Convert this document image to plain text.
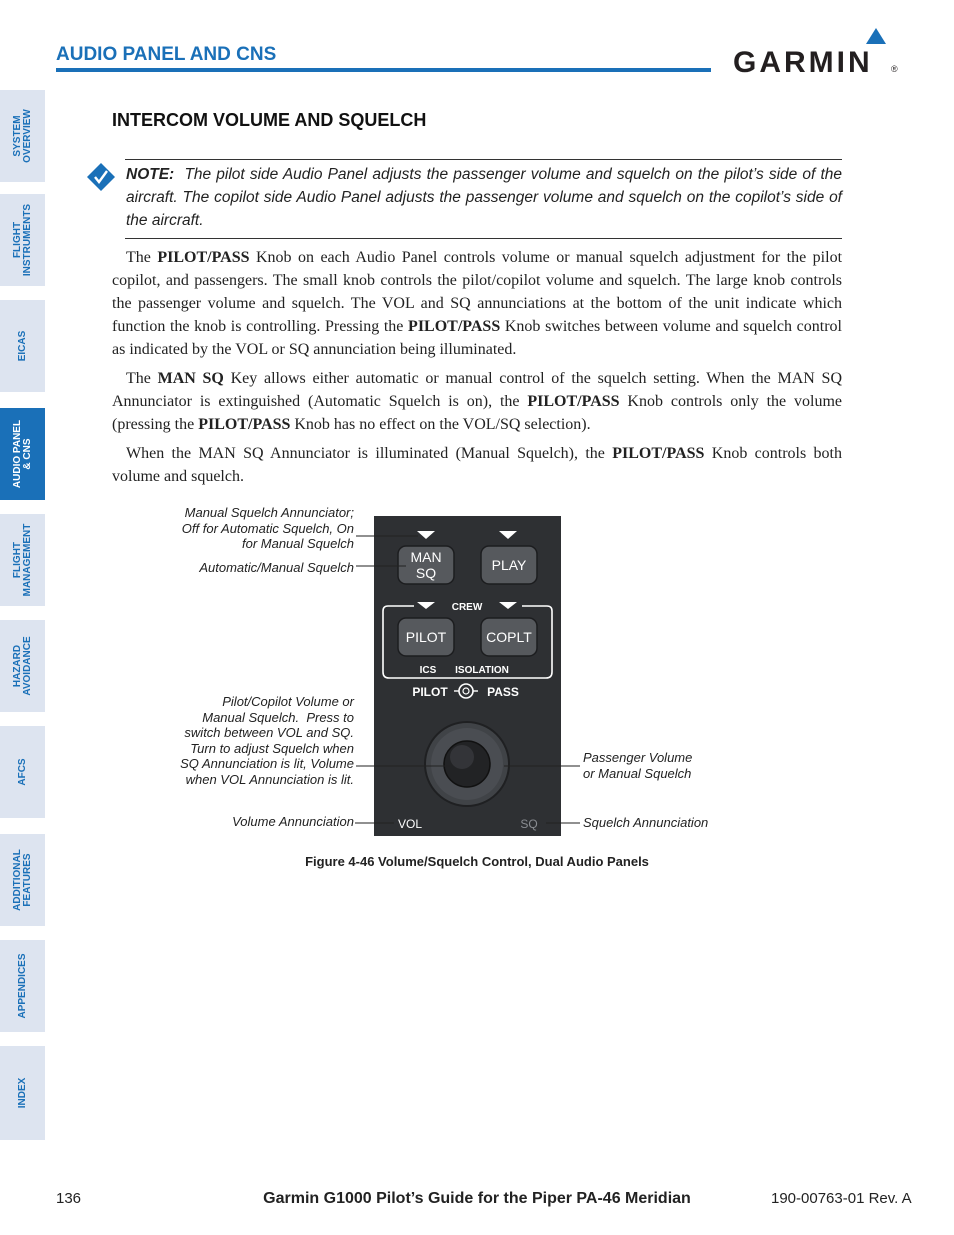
SYSTEM
OVERVIEW
FLIGHT
INSTRUMENTS
EICAS
AUDIO PANEL
& CNS
FLIGHT
MANAGEMENT
HAZARD
AVOIDANCE
AFCS
ADDITIONAL
FEATURES
APPENDICES
INDEX
AUDIO PANEL AND CNS	GARMIN ®
INTERCOM VOLUME AND SQUELCH
NOTE: The pilot side Audio Panel adjusts the passenger volume and squelch on the pilot’s side of the aircraft. The copilot side Audio Panel adjusts the passenger volume and squelch on the copilot’s side of the aircraft.
The PILOT/PASS Knob on each Audio Panel controls volume or manual squelch adjustment for the pilot copilot, and passengers. The small knob controls the pilot/copilot volume and squelch. The large knob controls the passenger volume and squelch. The VOL and SQ annunciations at the bottom of the unit indicate which function the knob is controlling. Pressing the PILOT/PASS Knob switches between volume and squelch control as indicated by the VOL or SQ annunciation being illuminated.
The MAN SQ Key allows either automatic or manual control of the squelch setting. When the MAN SQ Annunciator is extinguished (Automatic Squelch is on), the PILOT/PASS Knob controls only the volume (pressing the PILOT/PASS Knob has no effect on the VOL/SQ selection).
When the MAN SQ Annunciator is illuminated (Manual Squelch), the PILOT/PASS Knob controls both volume and squelch.
MAN
SQ	PLAY
CREW
PILOT	COPLT
ICS ISOLATION
PILOT	PASS
VOL	SQ
Manual Squelch Annunciator;
Off for Automatic Squelch, On
for Manual Squelch
Automatic/Manual Squelch
Pilot/Copilot Volume or
Manual Squelch.  Press to
switch between VOL and SQ.
Turn to adjust Squelch when
SQ Annunciation is lit, Volume
when VOL Annunciation is lit.
Passenger Volume
or Manual Squelch
Volume Annunciation	Squelch Annunciation
Figure 4-46 Volume/Squelch Control, Dual Audio Panels
136	Garmin G1000 Pilot’s Guide for the Piper PA-46 Meridian	190-00763-01 Rev. A
